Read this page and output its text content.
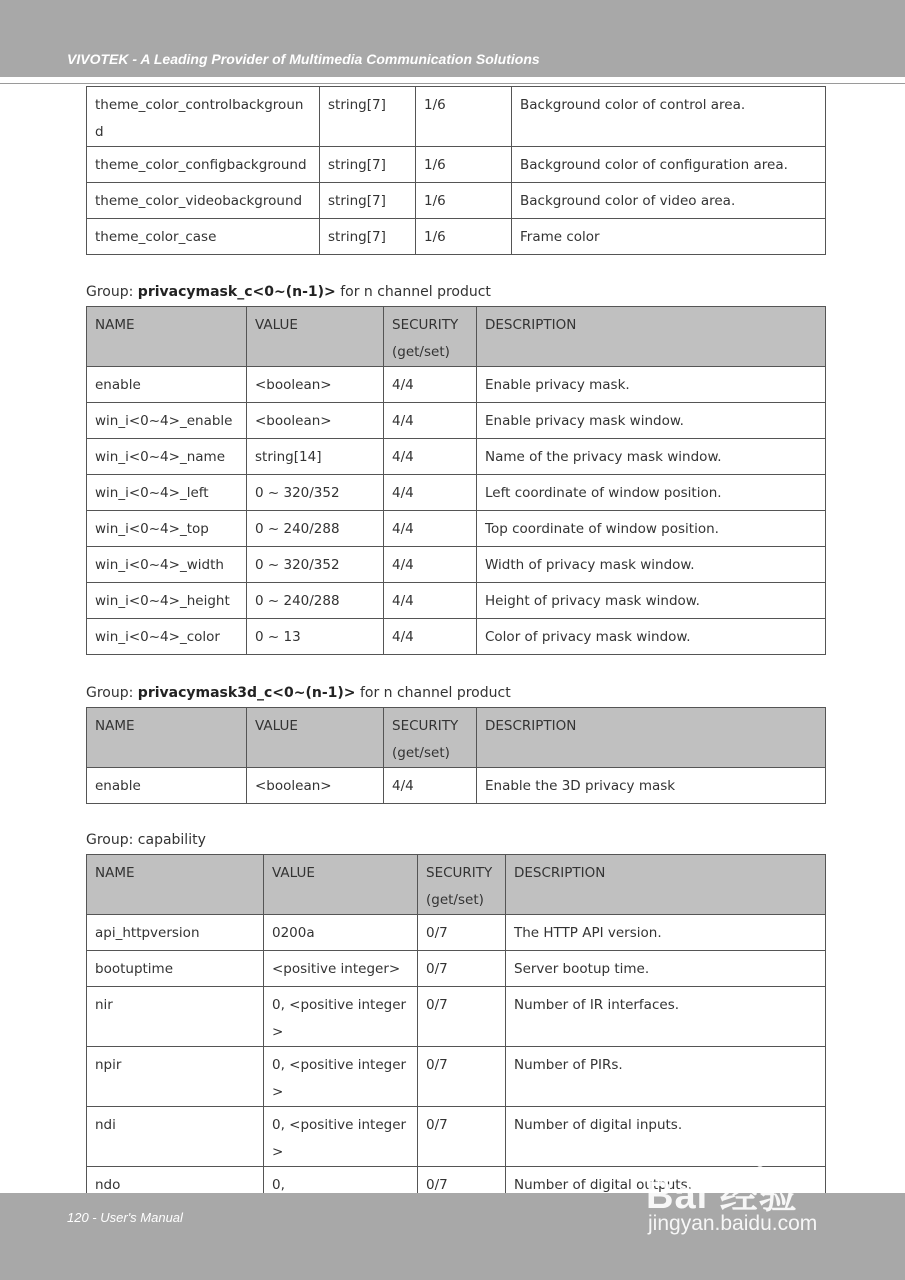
VIVOTEK - A Leading Provider of Multimedia Communication Solutions
theme_color_controlbackground	string[7]	1/6	Background color of control area.
theme_color_configbackground	string[7]	1/6	Background color of configuration area.
theme_color_videobackground	string[7]	1/6	Background color of video area.
theme_color_case	string[7]	1/6	Frame color
Group: privacymask_c<0~(n-1)> for n channel product
NAME	VALUE	SECURITY (get/set)	DESCRIPTION
enable	<boolean>	4/4	Enable privacy mask.
win_i<0~4>_enable	<boolean>	4/4	Enable privacy mask window.
win_i<0~4>_name	string[14]	4/4	Name of the privacy mask window.
win_i<0~4>_left	0 ~ 320/352	4/4	Left coordinate of window position.
win_i<0~4>_top	0 ~ 240/288	4/4	Top coordinate of window position.
win_i<0~4>_width	0 ~ 320/352	4/4	Width of privacy mask window.
win_i<0~4>_height	0 ~ 240/288	4/4	Height of privacy mask window.
win_i<0~4>_color	0 ~ 13	4/4	Color of privacy mask window.
Group: privacymask3d_c<0~(n-1)> for n channel product
NAME	VALUE	SECURITY (get/set)	DESCRIPTION
enable	<boolean>	4/4	Enable the 3D privacy mask
Group: capability
NAME	VALUE	SECURITY (get/set)	DESCRIPTION
api_httpversion	0200a	0/7	The HTTP API version.
bootuptime	<positive integer>	0/7	Server bootup time.
nir	0, <positive integer>	0/7	Number of IR interfaces.
npir	0, <positive integer>	0/7	Number of PIRs.
ndi	0, <positive integer>	0/7	Number of digital inputs.
ndo	0,	0/7	Number of digital outputs.
120 - User's Manual
Bai 经验
jingyan.baidu.com
